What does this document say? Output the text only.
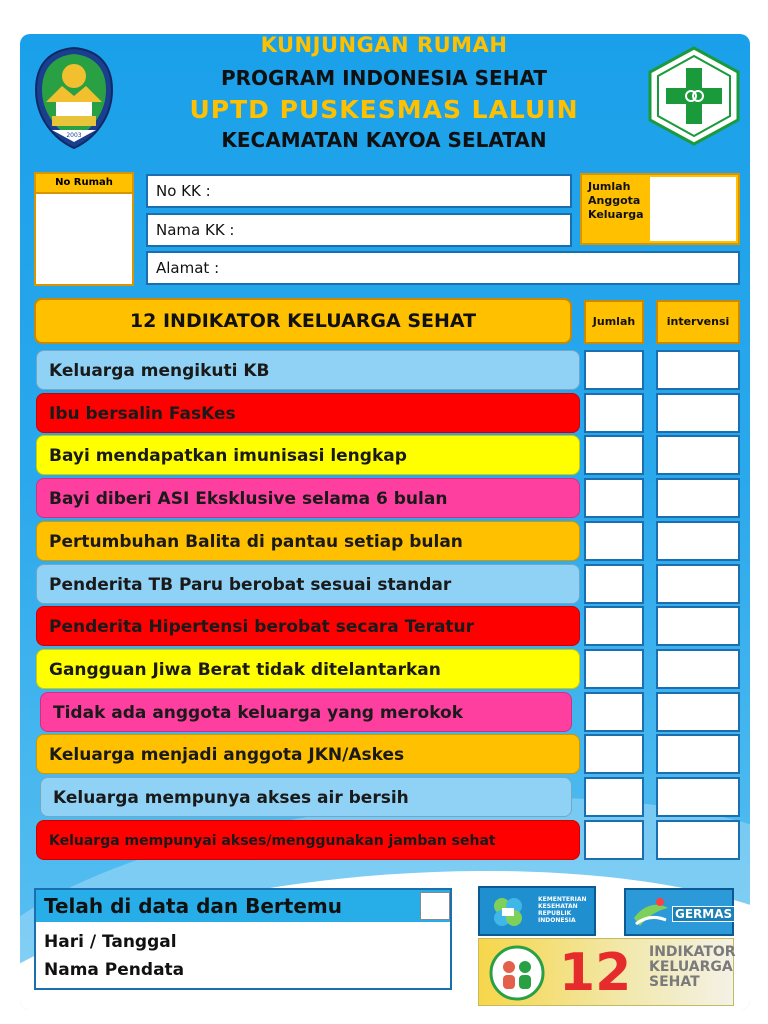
KUNJUNGAN RUMAH
PROGRAM INDONESIA SEHAT
UPTD PUSKESMAS LALUIN
KECAMATAN KAYOA SELATAN
2003
No Rumah	No KK :
Nama KK :
Alamat :
Jumlah Anggota Keluarga
12 INDIKATOR KELUARGA SEHAT	Jumlah	intervensi
Keluarga mengikuti KB
Ibu bersalin FasKes
Bayi mendapatkan imunisasi lengkap
Bayi diberi ASI Eksklusive selama 6 bulan
Pertumbuhan Balita di pantau setiap bulan
Penderita TB Paru berobat sesuai standar
Penderita Hipertensi berobat secara Teratur
Gangguan Jiwa Berat tidak ditelantarkan
Tidak ada anggota keluarga yang merokok
Keluarga menjadi anggota JKN/Askes
Keluarga mempunya akses air bersih
Keluarga mempunyai akses/menggunakan jamban sehat
Telah di data dan Bertemu
Hari / Tanggal
Nama Pendata
KEMENTERIAN KESEHATAN REPUBLIK INDONESIA	GERMAS
12 INDIKATOR KELUARGA SEHAT
